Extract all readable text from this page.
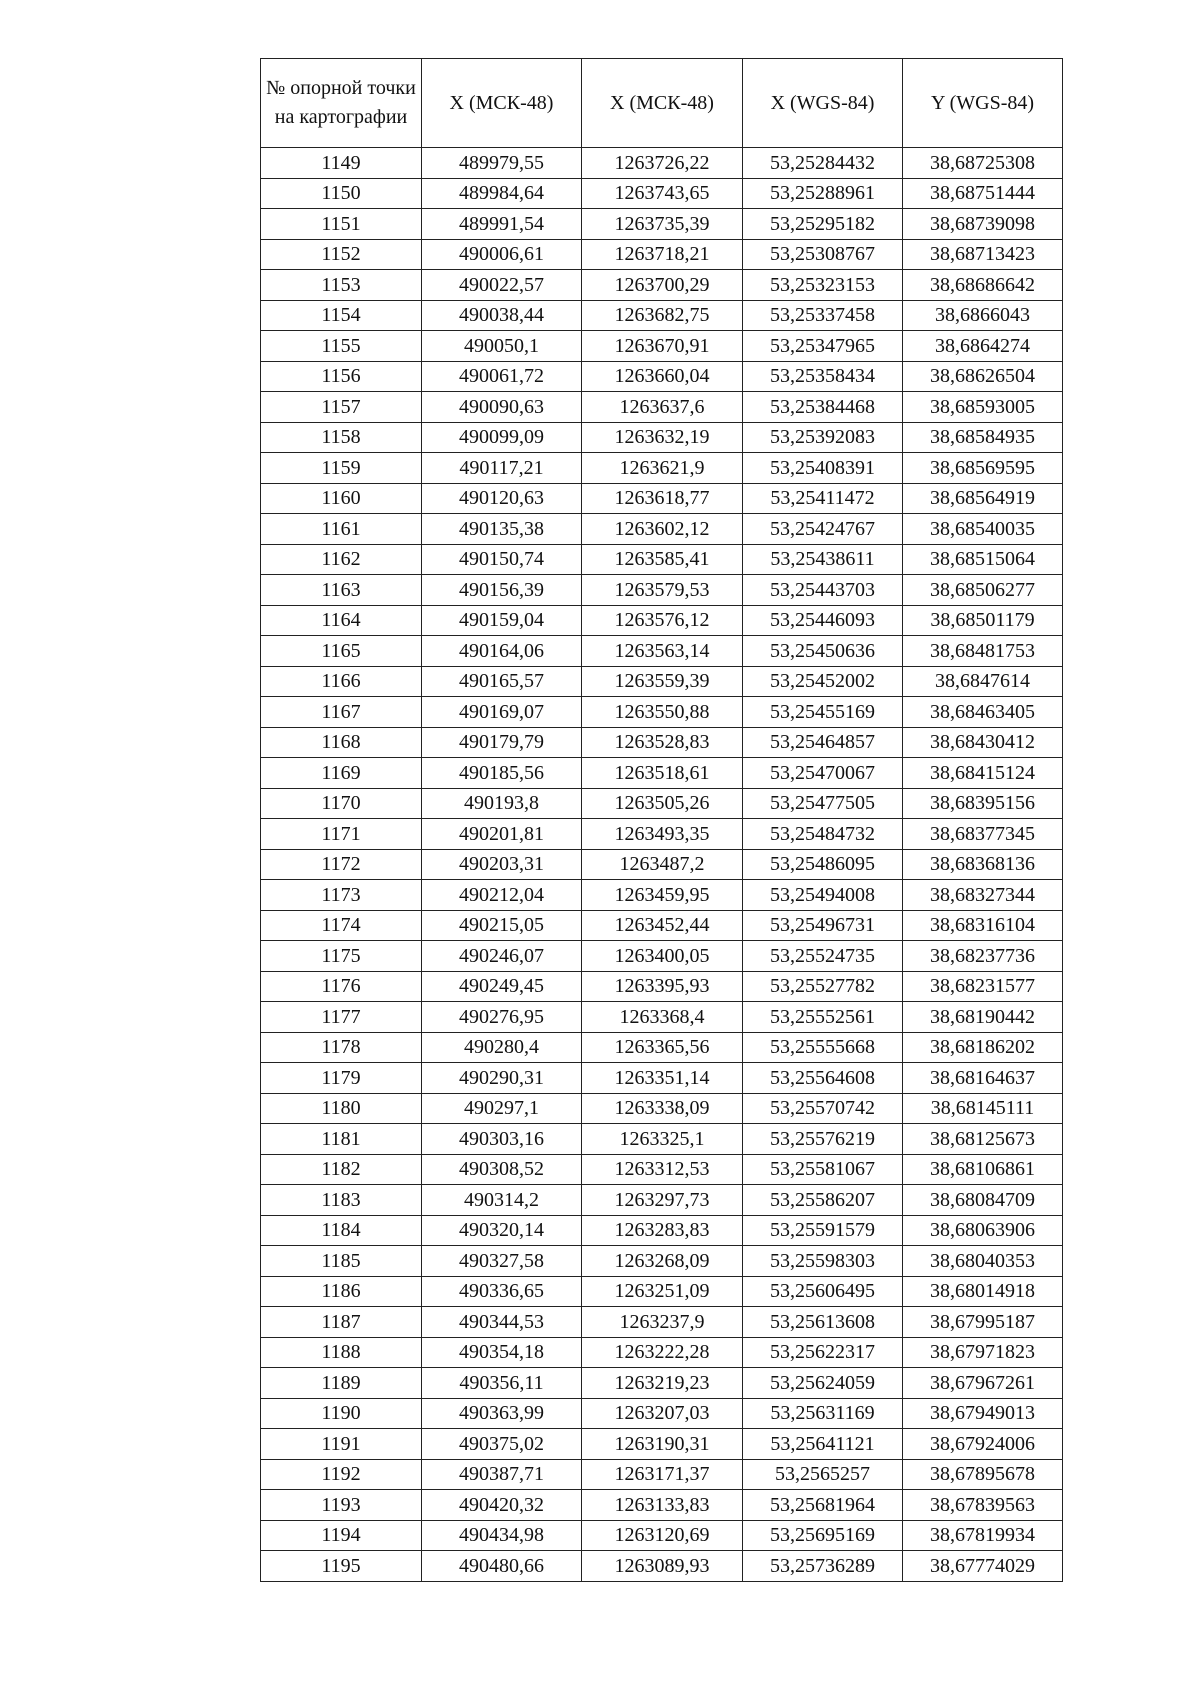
№ опорной точки на картографии	X (МСК-48)	X (МСК-48)	X (WGS-84)	Y (WGS-84)
1149	489979,55	1263726,22	53,25284432	38,68725308
1150	489984,64	1263743,65	53,25288961	38,68751444
1151	489991,54	1263735,39	53,25295182	38,68739098
1152	490006,61	1263718,21	53,25308767	38,68713423
1153	490022,57	1263700,29	53,25323153	38,68686642
1154	490038,44	1263682,75	53,25337458	38,6866043
1155	490050,1	1263670,91	53,25347965	38,6864274
1156	490061,72	1263660,04	53,25358434	38,68626504
1157	490090,63	1263637,6	53,25384468	38,68593005
1158	490099,09	1263632,19	53,25392083	38,68584935
1159	490117,21	1263621,9	53,25408391	38,68569595
1160	490120,63	1263618,77	53,25411472	38,68564919
1161	490135,38	1263602,12	53,25424767	38,68540035
1162	490150,74	1263585,41	53,25438611	38,68515064
1163	490156,39	1263579,53	53,25443703	38,68506277
1164	490159,04	1263576,12	53,25446093	38,68501179
1165	490164,06	1263563,14	53,25450636	38,68481753
1166	490165,57	1263559,39	53,25452002	38,6847614
1167	490169,07	1263550,88	53,25455169	38,68463405
1168	490179,79	1263528,83	53,25464857	38,68430412
1169	490185,56	1263518,61	53,25470067	38,68415124
1170	490193,8	1263505,26	53,25477505	38,68395156
1171	490201,81	1263493,35	53,25484732	38,68377345
1172	490203,31	1263487,2	53,25486095	38,68368136
1173	490212,04	1263459,95	53,25494008	38,68327344
1174	490215,05	1263452,44	53,25496731	38,68316104
1175	490246,07	1263400,05	53,25524735	38,68237736
1176	490249,45	1263395,93	53,25527782	38,68231577
1177	490276,95	1263368,4	53,25552561	38,68190442
1178	490280,4	1263365,56	53,25555668	38,68186202
1179	490290,31	1263351,14	53,25564608	38,68164637
1180	490297,1	1263338,09	53,25570742	38,68145111
1181	490303,16	1263325,1	53,25576219	38,68125673
1182	490308,52	1263312,53	53,25581067	38,68106861
1183	490314,2	1263297,73	53,25586207	38,68084709
1184	490320,14	1263283,83	53,25591579	38,68063906
1185	490327,58	1263268,09	53,25598303	38,68040353
1186	490336,65	1263251,09	53,25606495	38,68014918
1187	490344,53	1263237,9	53,25613608	38,67995187
1188	490354,18	1263222,28	53,25622317	38,67971823
1189	490356,11	1263219,23	53,25624059	38,67967261
1190	490363,99	1263207,03	53,25631169	38,67949013
1191	490375,02	1263190,31	53,25641121	38,67924006
1192	490387,71	1263171,37	53,2565257	38,67895678
1193	490420,32	1263133,83	53,25681964	38,67839563
1194	490434,98	1263120,69	53,25695169	38,67819934
1195	490480,66	1263089,93	53,25736289	38,67774029
